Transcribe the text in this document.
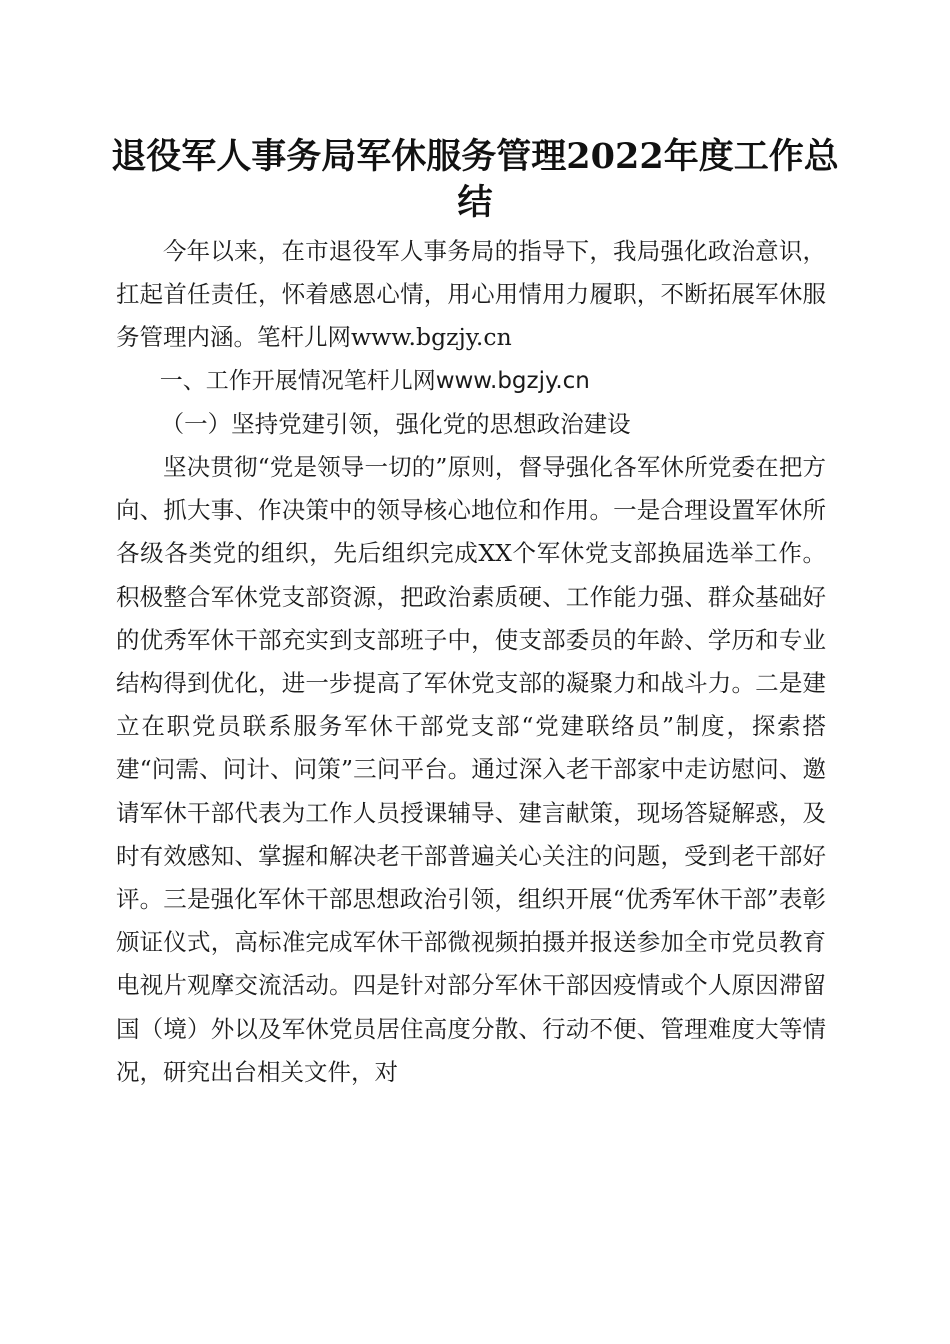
退役军人事务局军休服务管理2022年度工作总结

今年以来，在市退役军人事务局的指导下，我局强化政治意识，扛起首任责任，怀着感恩心情，用心用情用力履职，不断拓展军休服务管理内涵。笔杆儿网www.bgzjy.cn

一、工作开展情况笔杆儿网www.bgzjy.cn

（一）坚持党建引领，强化党的思想政治建设

坚决贯彻“党是领导一切的”原则，督导强化各军休所党委在把方向、抓大事、作决策中的领导核心地位和作用。一是合理设置军休所各级各类党的组织，先后组织完成XX个军休党支部换届选举工作。积极整合军休党支部资源，把政治素质硬、工作能力强、群众基础好的优秀军休干部充实到支部班子中，使支部委员的年龄、学历和专业结构得到优化，进一步提高了军休党支部的凝聚力和战斗力。二是建立在职党员联系服务军休干部党支部“党建联络员”制度，探索搭建“问需、问计、问策”三问平台。通过深入老干部家中走访慰问、邀请军休干部代表为工作人员授课辅导、建言献策，现场答疑解惑，及时有效感知、掌握和解决老干部普遍关心关注的问题，受到老干部好评。三是强化军休干部思想政治引领，组织开展“优秀军休干部”表彰颁证仪式，高标准完成军休干部微视频拍摄并报送参加全市党员教育电视片观摩交流活动。四是针对部分军休干部因疫情或个人原因滞留国（境）外以及军休党员居住高度分散、行动不便、管理难度大等情况，研究出台相关文件，对
